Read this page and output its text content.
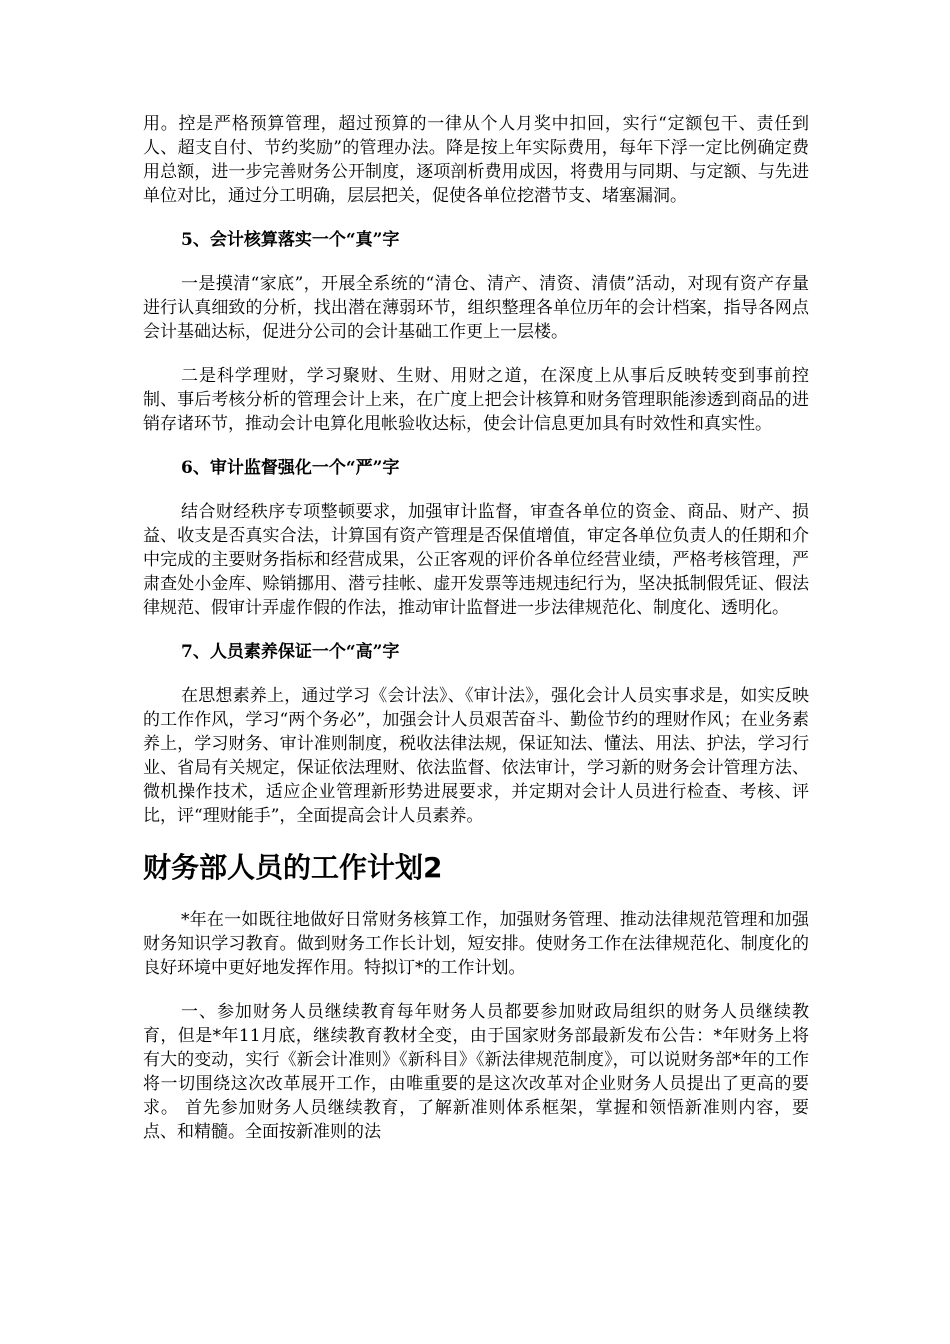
用。控是严格预算管理，超过预算的一律从个人月奖中扣回，实行“定额包干、责任到人、超支自付、节约奖励”的管理办法。降是按上年实际费用，每年下浮一定比例确定费用总额，进一步完善财务公开制度，逐项剖析费用成因，将费用与同期、与定额、与先进单位对比，通过分工明确，层层把关，促使各单位挖潜节支、堵塞漏洞。

5、会计核算落实一个“真”字

一是摸清“家底”，开展全系统的“清仓、清产、清资、清债”活动，对现有资产存量进行认真细致的分析，找出潜在薄弱环节，组织整理各单位历年的会计档案，指导各网点会计基础达标，促进分公司的会计基础工作更上一层楼。

二是科学理财，学习聚财、生财、用财之道，在深度上从事后反映转变到事前控制、事后考核分析的管理会计上来，在广度上把会计核算和财务管理职能渗透到商品的进销存诸环节，推动会计电算化甩帐验收达标，使会计信息更加具有时效性和真实性。

6、审计监督强化一个“严”字

结合财经秩序专项整顿要求，加强审计监督，审查各单位的资金、商品、财产、损益、收支是否真实合法，计算国有资产管理是否保值增值，审定各单位负责人的任期和介中完成的主要财务指标和经营成果，公正客观的评价各单位经营业绩，严格考核管理，严肃查处小金库、赊销挪用、潜亏挂帐、虚开发票等违规违纪行为，坚决抵制假凭证、假法律规范、假审计弄虚作假的作法，推动审计监督进一步法律规范化、制度化、透明化。

7、人员素养保证一个“高”字

在思想素养上，通过学习《会计法》、《审计法》，强化会计人员实事求是，如实反映的工作作风，学习“两个务必”，加强会计人员艰苦奋斗、勤俭节约的理财作风；在业务素养上，学习财务、审计准则制度，税收法律法规，保证知法、懂法、用法、护法，学习行业、省局有关规定，保证依法理财、依法监督、依法审计，学习新的财务会计管理方法、微机操作技术，适应企业管理新形势进展要求，并定期对会计人员进行检查、考核、评比，评“理财能手”，全面提高会计人员素养。

财务部人员的工作计划2

*年在一如既往地做好日常财务核算工作，加强财务管理、推动法律规范管理和加强财务知识学习教育。做到财务工作长计划，短安排。使财务工作在法律规范化、制度化的良好环境中更好地发挥作用。特拟订*的工作计划。

一、参加财务人员继续教育每年财务人员都要参加财政局组织的财务人员继续教育，但是*年11月底，继续教育教材全变，由于国家财务部最新发布公告：*年财务上将有大的变动，实行《新会计准则》《新科目》《新法律规范制度》，可以说财务部*年的工作将一切围绕这次改革展开工作，由唯重要的是这次改革对企业财务人员提出了更高的要求。 首先参加财务人员继续教育，了解新准则体系框架，掌握和领悟新准则内容，要点、和精髓。全面按新准则的法
